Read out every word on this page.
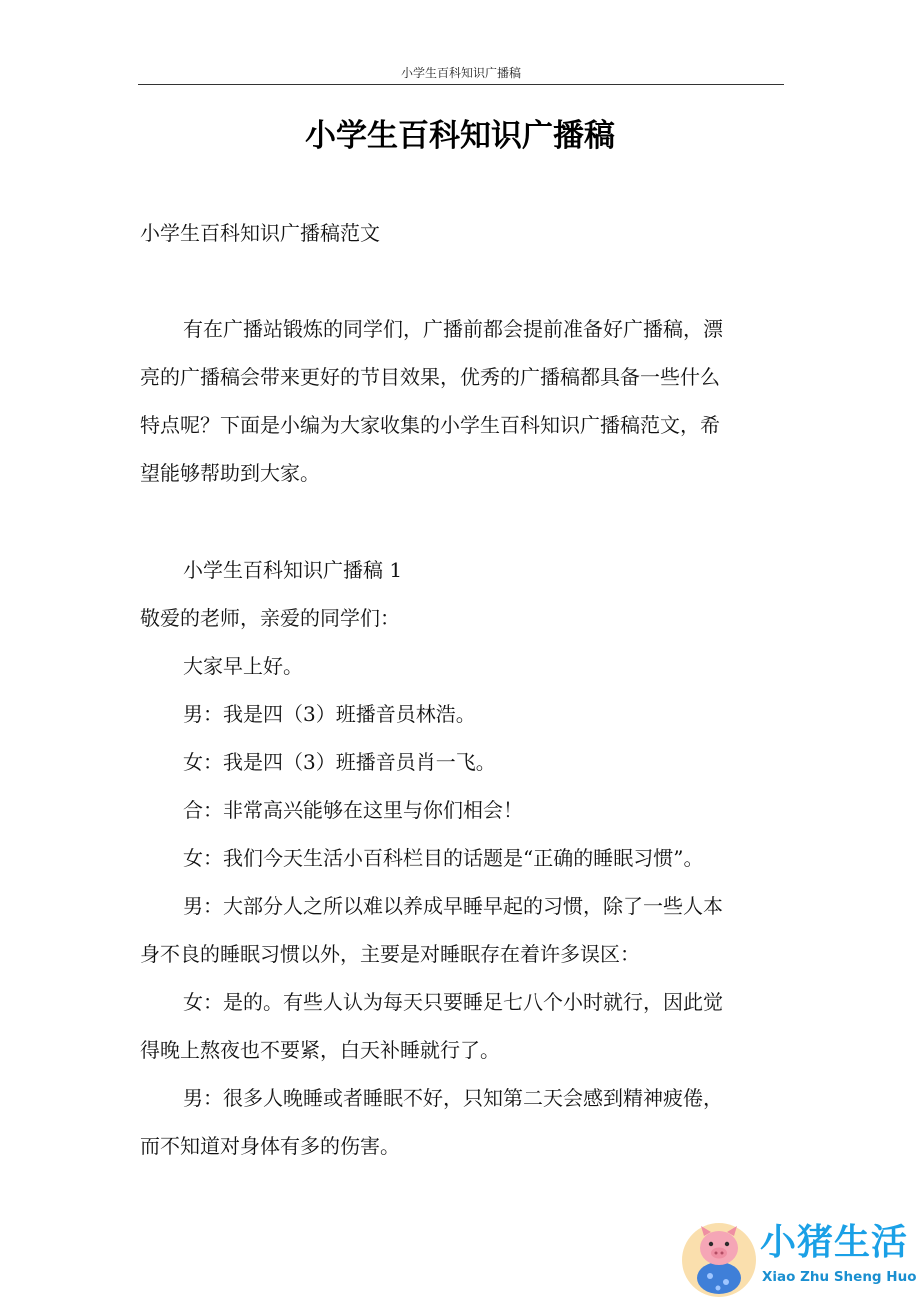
小学生百科知识广播稿
小学生百科知识广播稿
小学生百科知识广播稿范文
有在广播站锻炼的同学们，广播前都会提前准备好广播稿，漂
亮的广播稿会带来更好的节目效果，优秀的广播稿都具备一些什么
特点呢？下面是小编为大家收集的小学生百科知识广播稿范文，希
望能够帮助到大家。
小学生百科知识广播稿 1
敬爱的老师，亲爱的同学们：
大家早上好。
男：我是四（3）班播音员林浩。
女：我是四（3）班播音员肖一飞。
合：非常高兴能够在这里与你们相会！
女：我们今天生活小百科栏目的话题是“正确的睡眠习惯”。
男：大部分人之所以难以养成早睡早起的习惯，除了一些人本
身不良的睡眠习惯以外，主要是对睡眠存在着许多误区：
女：是的。有些人认为每天只要睡足七八个小时就行，因此觉
得晚上熬夜也不要紧，白天补睡就行了。
男：很多人晚睡或者睡眠不好，只知第二天会感到精神疲倦，
而不知道对身体有多的伤害。
小猪生活
Xiao Zhu Sheng Huo
